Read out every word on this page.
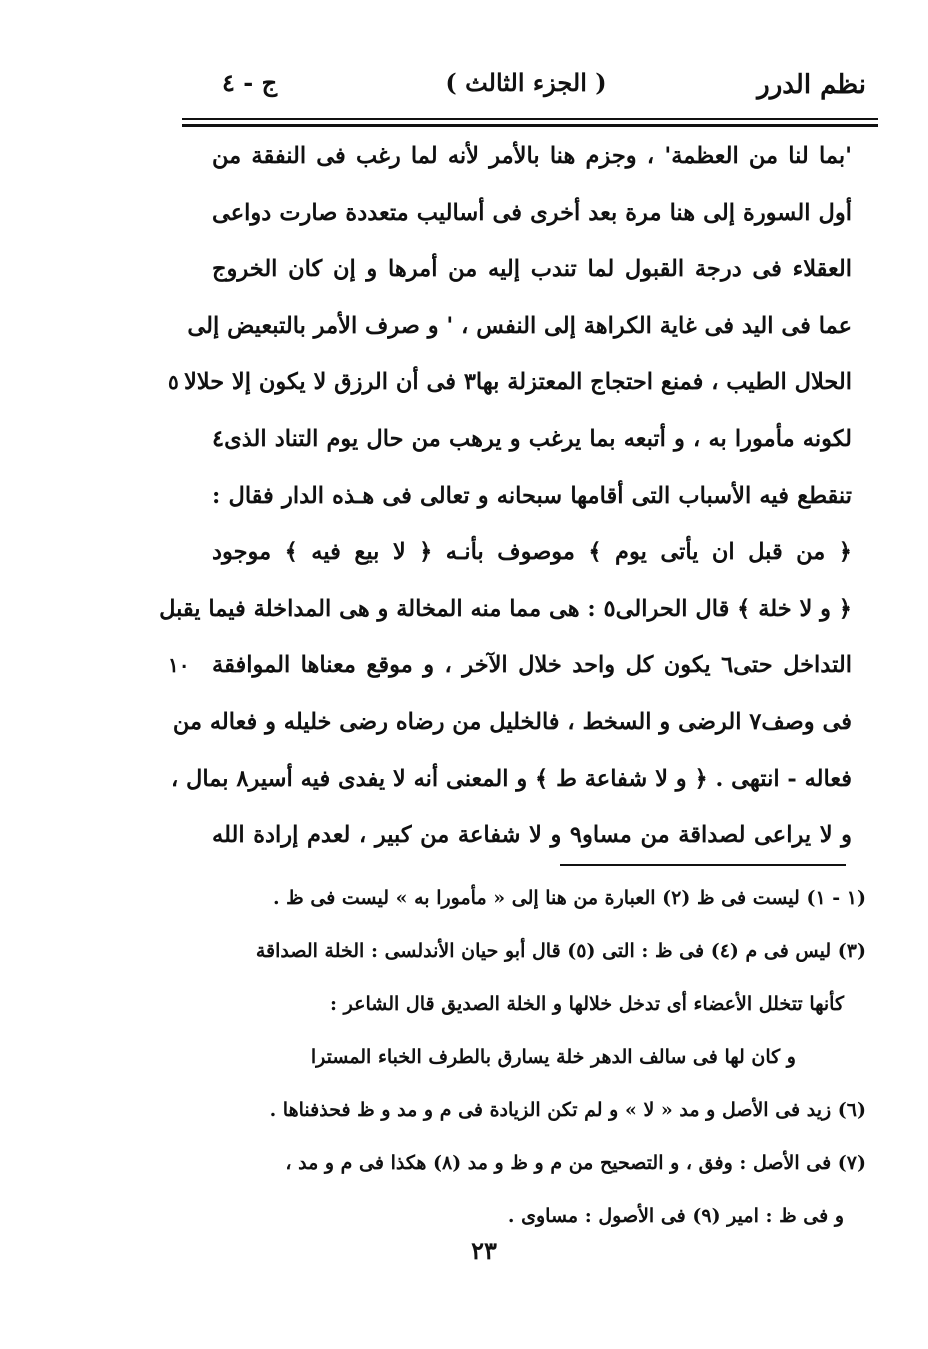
نظم الدرر
( الجزء الثالث )
ج - ٤
'بما لنا من العظمة' ، وجزم هنا بالأمر لأنه لما رغب فى النفقة من
أول السورة إلى هنا مرة بعد أخرى فى أساليب متعددة صارت دواعى
العقلاء فى درجة القبول لما تندب إليه من أمرها و إن كان الخروج
عما فى اليد فى غاية الكراهة إلى النفس ، ' و صرف الأمر بالتبعيض إلى
الحلال الطيب ، فمنع احتجاج المعتزلة بها٣ فى أن الرزق لا يكون إلا حلالا
٥
لكونه مأمورا به ، و أتبعه بما يرغب و يرهب من حال يوم التناد الذى٤
تنقطع فيه الأسباب التى أقامها سبحانه و تعالى فى هـذه الدار فقال :
﴿ من قبل ان يأتى يوم ﴾ موصوف بأنـه ﴿ لا بيع فيه ﴾ موجود
﴿ و لا خلة ﴾ قال الحرالى٥ : هى مما منه المخالة و هى المداخلة فيما يقبل
التداخل حتى٦ يكون كل واحد خلال الآخر ، و موقع معناها الموافقة
١٠
فى وصف٧ الرضى و السخط ، فالخليل من رضاه رضى خليله و فعاله من
فعاله - انتهى . ﴿ و لا شفاعة ط ﴾ و المعنى أنه لا يفدى فيه أسير٨ بمال ،
و لا يراعى لصداقة من مساو٩ و لا شفاعة من كبير ، لعدم إرادة الله
(١ - ١) ليست فى ظ (٢) العبارة من هنا إلى « مأمورا به » ليست فى ظ .
(٣) ليس فى م (٤) فى ظ : التى (٥) قال أبو حيان الأندلسى : الخلة الصداقة
كأنها تتخلل الأعضاء أى تدخل خلالها و الخلة الصديق قال الشاعر :
و كان لها فى سالف الدهر خلة يسارق بالطرف الخباء المسترا
(٦) زيد فى الأصل و مد « لا » و لم تكن الزيادة فى م و مد و ظ فحذفناها .
(٧) فى الأصل : وفق ، و التصحيح من م و ظ و مد (٨) هكذا فى م و مد ،
و فى ظ : امير (٩) فى الأصول : مساوى .
٢٣
